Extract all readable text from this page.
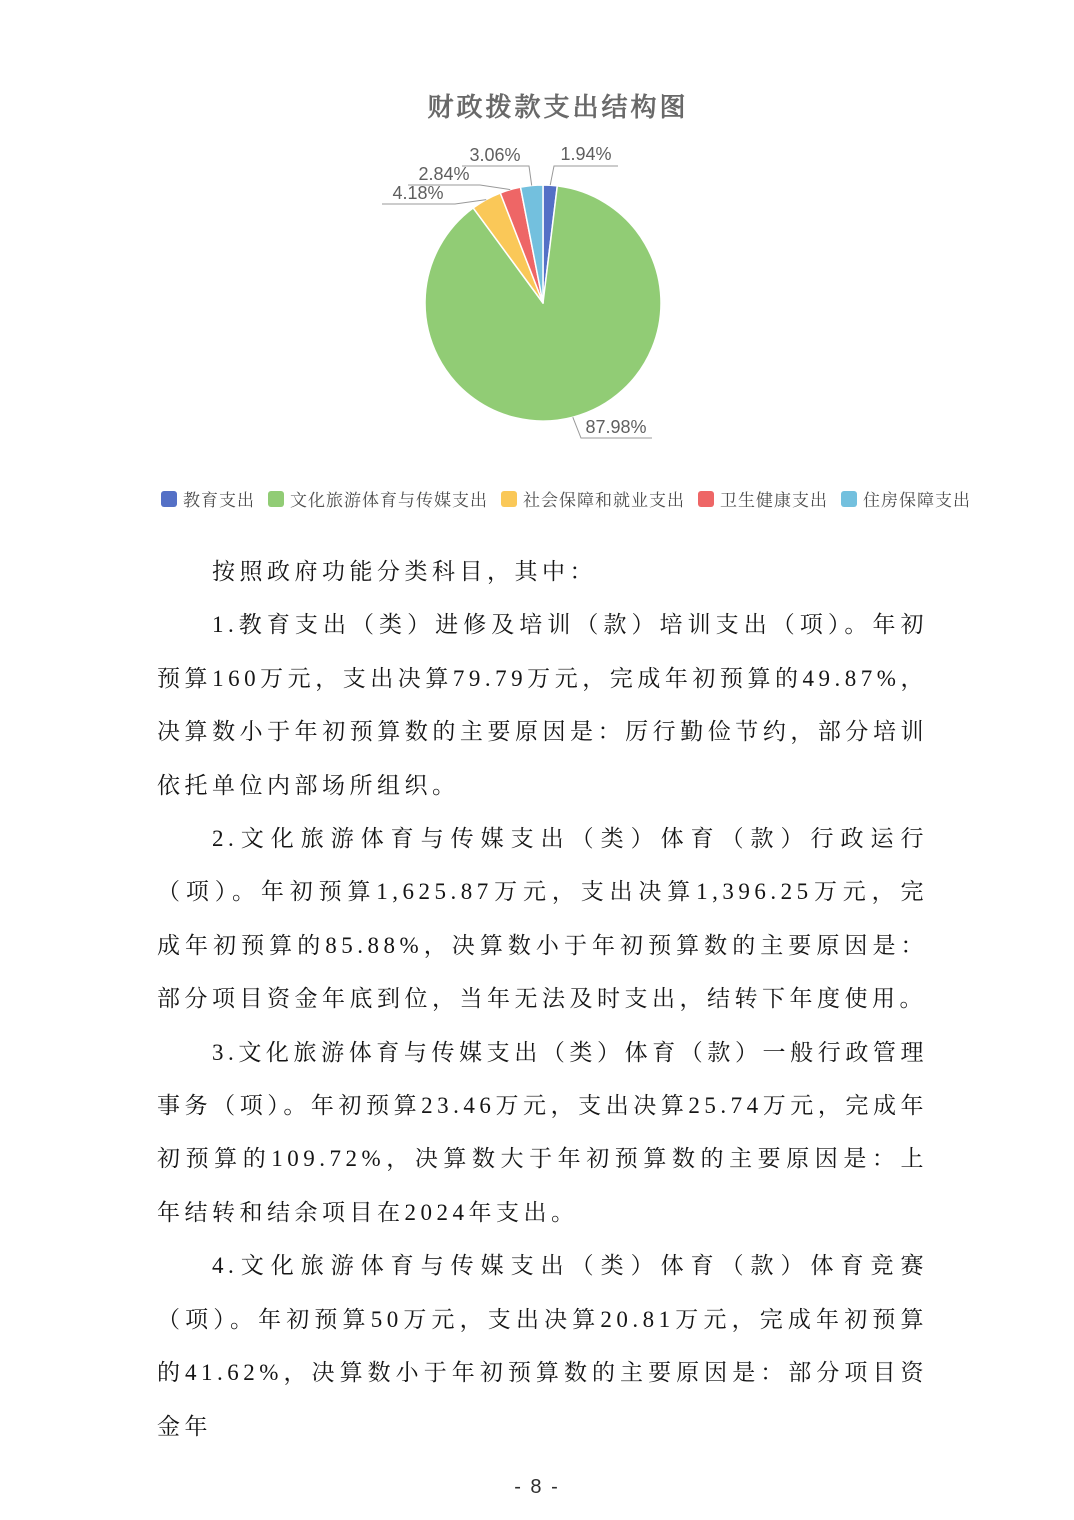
财政拨款支出结构图
1.94%
87.98%
4.18%
2.84%
3.06%
教育支出 文化旅游体育与传媒支出 社会保障和就业支出 卫生健康支出 住房保障支出

按照政府功能分类科目，其中：

1.教育支出（类）进修及培训（款）培训支出（项）。年初预算160万元，支出决算79.79万元，完成年初预算的49.87%，决算数小于年初预算数的主要原因是：厉行勤俭节约，部分培训依托单位内部场所组织。

2.文化旅游体育与传媒支出（类）体育（款）行政运行（项）。年初预算1,625.87万元，支出决算1,396.25万元，完成年初预算的85.88%，决算数小于年初预算数的主要原因是：部分项目资金年底到位，当年无法及时支出，结转下年度使用。

3.文化旅游体育与传媒支出（类）体育（款）一般行政管理事务（项）。年初预算23.46万元，支出决算25.74万元，完成年初预算的109.72%，决算数大于年初预算数的主要原因是：上年结转和结余项目在2024年支出。

4.文化旅游体育与传媒支出（类）体育（款）体育竞赛（项）。年初预算50万元，支出决算20.81万元，完成年初预算的41.62%，决算数小于年初预算数的主要原因是：部分项目资金年

- 8 -
